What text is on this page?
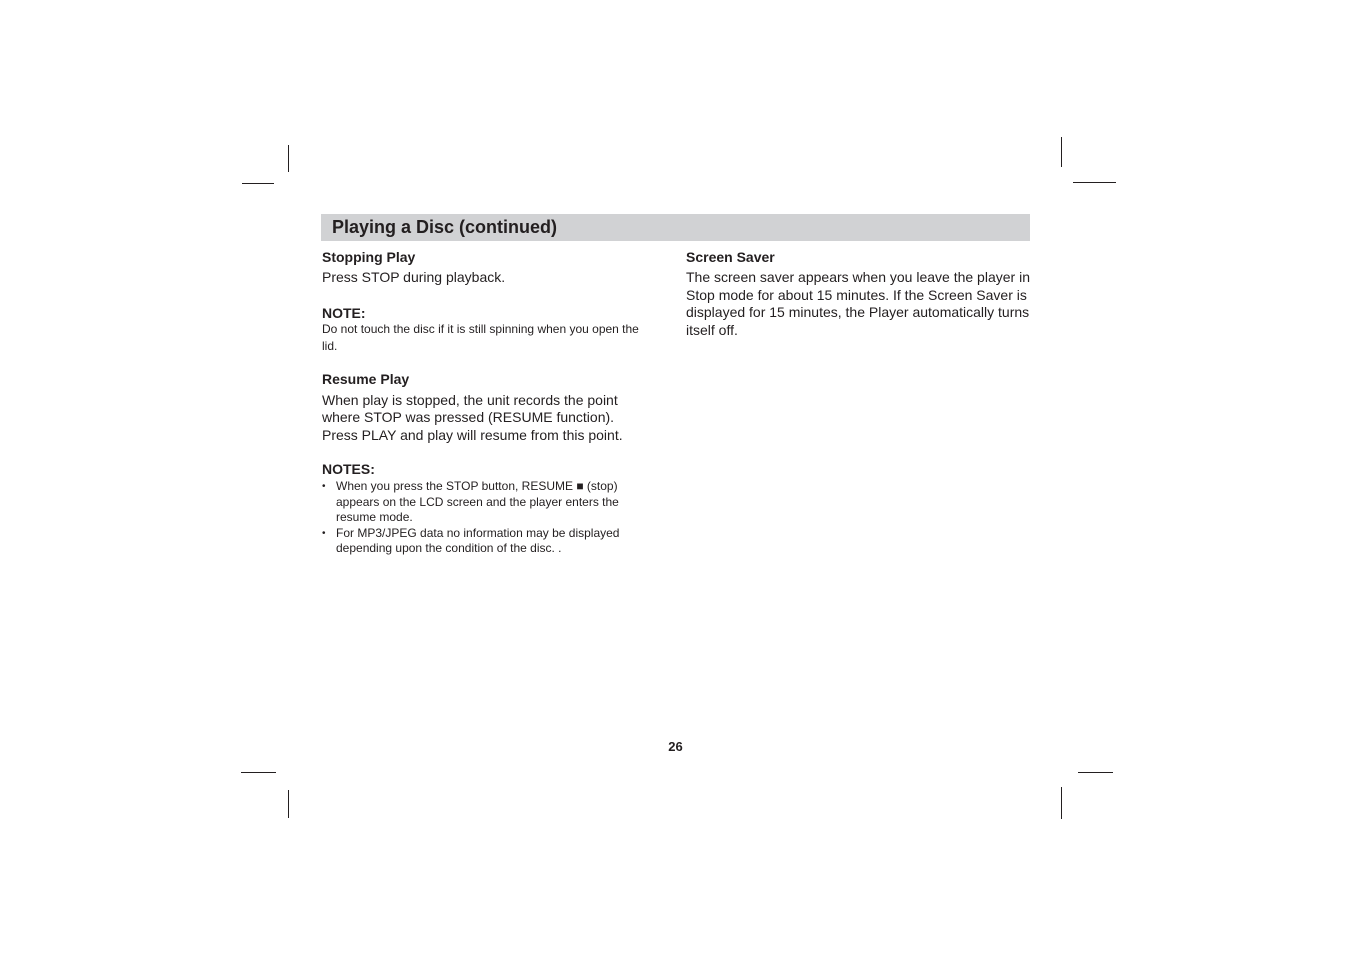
Playing a Disc (continued)

Stopping Play

Press STOP during playback.

NOTE:

Do not touch the disc if it is still spinning when you open the lid.

Resume Play

When play is stopped, the unit records the point where STOP was pressed (RESUME function). Press PLAY and play will resume from this point.

NOTES:

• When you press the STOP button, RESUME ■ (stop) appears on the LCD screen and the player enters the resume mode.
• For MP3/JPEG data no information may be displayed depending upon the condition of the disc. .

Screen Saver

The screen saver appears when you leave the player in Stop mode for about 15 minutes. If the Screen Saver is displayed for 15 minutes, the Player automatically turns itself off.

26
